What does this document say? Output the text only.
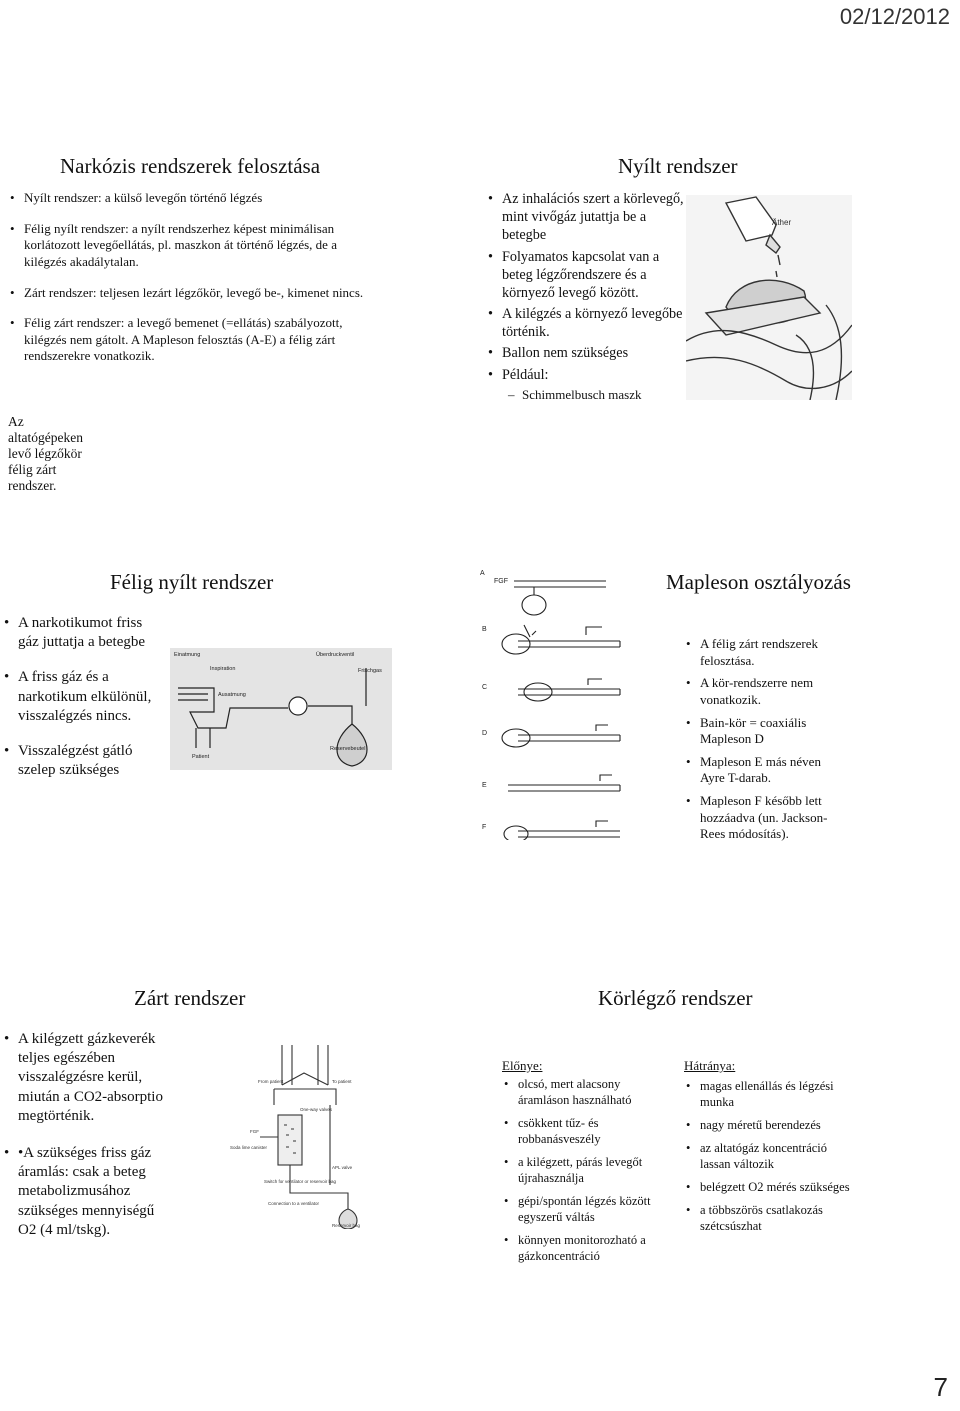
02/12/2012
Narkózis rendszerek felosztása
• Nyílt rendszer: a külső levegőn történő légzés
• Félig nyílt rendszer: a nyílt rendszerhez képest minimálisan korlátozott levegőellátás, pl. maszkon át történő légzés, de a kilégzés akadálytalan.
• Zárt rendszer: teljesen lezárt légzőkör, levegő be-, kimenet nincs.
• Félig zárt rendszer: a levegő bemenet (=ellátás) szabályozott, kilégzés nem gátolt. A Mapleson felosztás (A-E) a félig zárt rendszerekre vonatkozik.
Az altatógépeken levő légzőkör félig zárt rendszer.
Nyílt rendszer
• Az inhalációs szert a körlevegő, mint vivőgáz jutattja be a betegbe
• Folyamatos kapcsolat van a beteg légzőrendszere és a környező levegő között.
• A kilégzés a környező levegőbe történik.
• Ballon nem szükséges
• Például:
– Schimmelbusch maszk
Äther
Félig nyílt rendszer
• A narkotikumot friss gáz juttatja a betegbe
• A friss gáz és a narkotikum elkülönül, visszalégzés nincs.
• Visszalégzést gátló szelep szükséges
Einatmung
Inspiration
Ausatmung
Patient
Überdruckventil
Frischgas
Reservebeutel
Mapleson osztályozás
A
B
C
D
E
F
FGF
• A félig zárt rendszerek felosztása.
• A kör-rendszerre nem vonatkozik.
• Bain-kör = coaxiális Mapleson D
• Mapleson E más néven Ayre T-darab.
• Mapleson F később lett hozzáadva (un. Jackson-Rees módosítás).
Zárt rendszer
• A kilégzett gázkeverék teljes egészében visszalégzésre kerül, miután a CO2-absorptio megtörténik.
• •A szükséges friss gáz áramlás: csak a beteg metabolizmusához szükséges mennyiségű O2 (4 ml/tskg).
From patient	To patient
One-way valves
Soda lime canister
APL valve
Switch for ventilator or reservoir bag
Connection to a ventilator
Reservoir bag
FGF
Körlégző rendszer
Előnye:
• olcsó, mert alacsony áramláson használható
• csökkent tűz- és robbanásveszély
• a kilégzett, párás levegőt újrahasználja
• gépi/spontán légzés között egyszerű váltás
• könnyen monitorozható a gázkoncentráció
Hátránya:
• magas ellenállás és légzési munka
• nagy méretű berendezés
• az altatógáz koncentráció lassan változik
• belégzett O2 mérés szükséges
• a többszörös csatlakozás szétcsúszhat
7
